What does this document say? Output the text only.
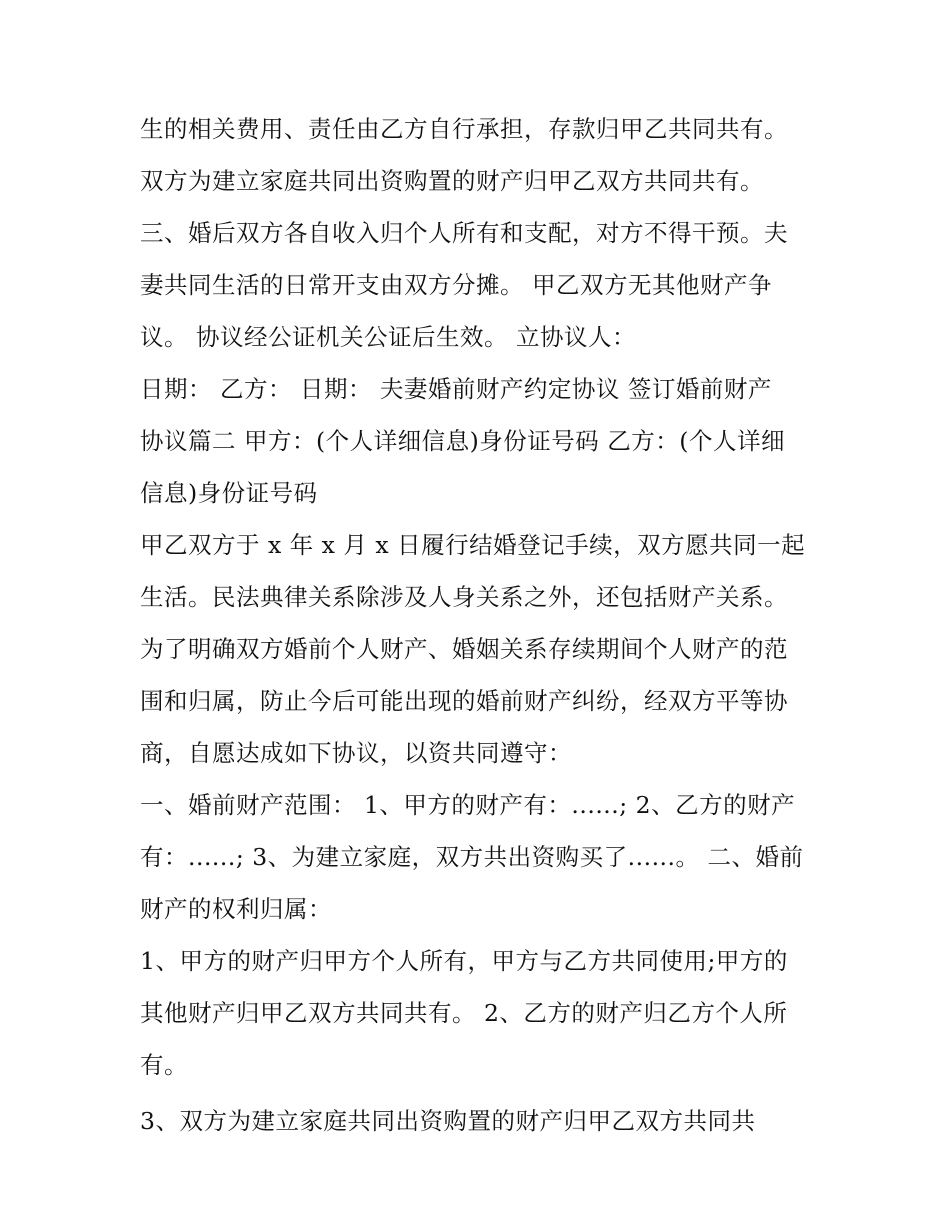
生的相关费用、责任由乙方自行承担，存款归甲乙共同共有。
双方为建立家庭共同出资购置的财产归甲乙双方共同共有。
三、婚后双方各自收入归个人所有和支配，对方不得干预。夫
妻共同生活的日常开支由双方分摊。 甲乙双方无其他财产争
议。 协议经公证机关公证后生效。 立协议人：
日期： 乙方： 日期： 夫妻婚前财产约定协议 签订婚前财产
协议篇二 甲方：(个人详细信息)身份证号码 乙方：(个人详细
信息)身份证号码
甲乙双方于 x 年 x 月 x 日履行结婚登记手续，双方愿共同一起
生活。民法典律关系除涉及人身关系之外，还包括财产关系。
为了明确双方婚前个人财产、婚姻关系存续期间个人财产的范
围和归属，防止今后可能出现的婚前财产纠纷，经双方平等协
商，自愿达成如下协议，以资共同遵守：
一、婚前财产范围： 1、甲方的财产有：......; 2、乙方的财产
有：......; 3、为建立家庭，双方共出资购买了......。 二、婚前
财产的权利归属：
1、甲方的财产归甲方个人所有，甲方与乙方共同使用;甲方的
其他财产归甲乙双方共同共有。 2、乙方的财产归乙方个人所
有。
3、双方为建立家庭共同出资购置的财产归甲乙双方共同共
